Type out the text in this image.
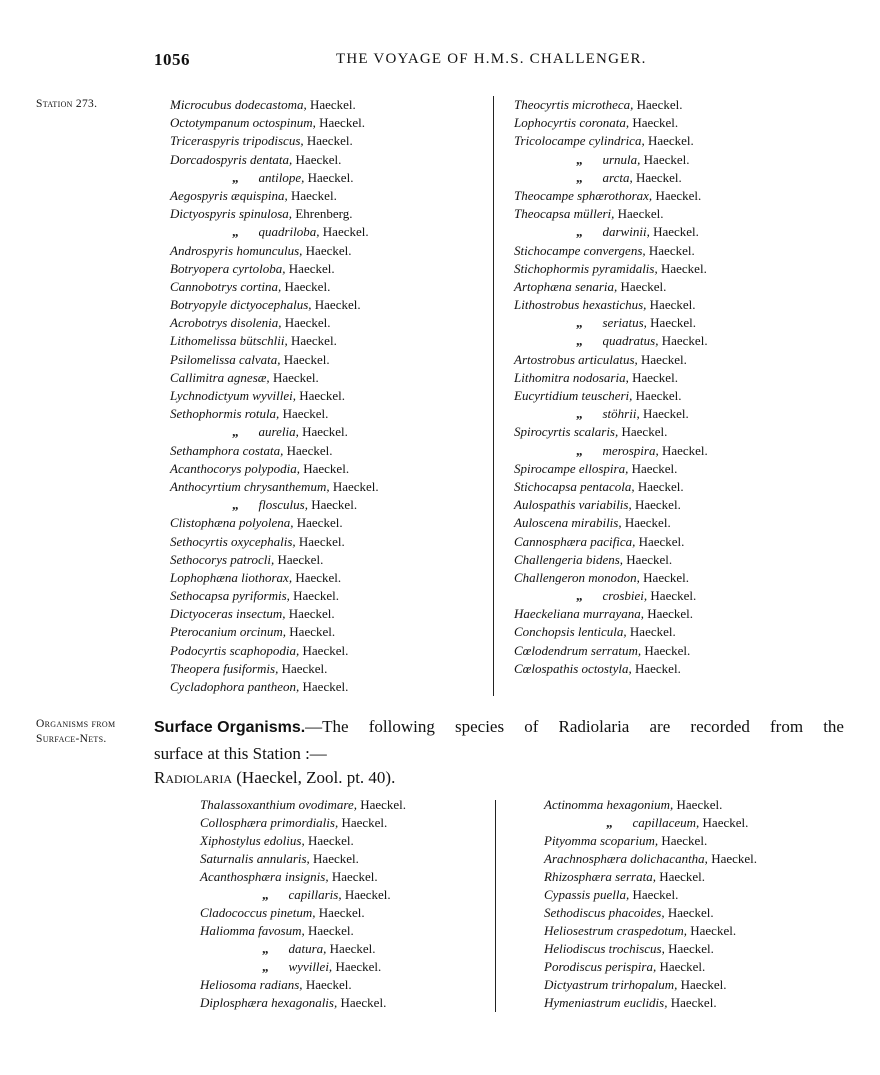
1056	THE VOYAGE OF H.M.S. CHALLENGER.
Station 273.	Microcubus dodecastoma, Haeckel.
Octotympanum octospinum, Haeckel.
Triceraspyris tripodiscus, Haeckel.
Dorcadospyris dentata, Haeckel.
„ antilope, Haeckel.
Aegospyris æquispina, Haeckel.
Dictyospyris spinulosa, Ehrenberg.
„ quadriloba, Haeckel.
Androspyris homunculus, Haeckel.
Botryopera cyrtoloba, Haeckel.
Cannobotrys cortina, Haeckel.
Botryopyle dictyocephalus, Haeckel.
Acrobotrys disolenia, Haeckel.
Lithomelissa bütschlii, Haeckel.
Psilomelissa calvata, Haeckel.
Callimitra agnesæ, Haeckel.
Lychnodictyum wyvillei, Haeckel.
Sethophormis rotula, Haeckel.
„ aurelia, Haeckel.
Sethamphora costata, Haeckel.
Acanthocorys polypodia, Haeckel.
Anthocyrtium chrysanthemum, Haeckel.
„ flosculus, Haeckel.
Clistophæna polyolena, Haeckel.
Sethocyrtis oxycephalis, Haeckel.
Sethocorys patrocli, Haeckel.
Lophophæna liothorax, Haeckel.
Sethocapsa pyriformis, Haeckel.
Dictyoceras insectum, Haeckel.
Pterocanium orcinum, Haeckel.
Podocyrtis scaphopodia, Haeckel.
Theopera fusiformis, Haeckel.
Cycladophora pantheon, Haeckel.
Theocyrtis microtheca, Haeckel.
Lophocyrtis coronata, Haeckel.
Tricolocampe cylindrica, Haeckel.
„ urnula, Haeckel.
„ arcta, Haeckel.
Theocampe sphærothorax, Haeckel.
Theocapsa mülleri, Haeckel.
„ darwinii, Haeckel.
Stichocampe convergens, Haeckel.
Stichophormis pyramidalis, Haeckel.
Artophæna senaria, Haeckel.
Lithostrobus hexastichus, Haeckel.
„ seriatus, Haeckel.
„ quadratus, Haeckel.
Artostrobus articulatus, Haeckel.
Lithomitra nodosaria, Haeckel.
Eucyrtidium teuscheri, Haeckel.
„ stöhrii, Haeckel.
Spirocyrtis scalaris, Haeckel.
„ merospira, Haeckel.
Spirocampe ellospira, Haeckel.
Stichocapsa pentacola, Haeckel.
Aulospathis variabilis, Haeckel.
Auloscena mirabilis, Haeckel.
Cannosphæra pacifica, Haeckel.
Challengeria bidens, Haeckel.
Challengeron monodon, Haeckel.
„ crosbiei, Haeckel.
Haeckeliana murrayana, Haeckel.
Conchopsis lenticula, Haeckel.
Cœlodendrum serratum, Haeckel.
Cœlospathis octostyla, Haeckel.
Organisms from
Surface-Nets.
Surface Organisms.—The following species of Radiolaria are recorded from the
surface at this Station :—
Radiolaria (Haeckel, Zool. pt. 40).
Thalassoxanthium ovodimare, Haeckel.
Collosphæra primordialis, Haeckel.
Xiphostylus edolius, Haeckel.
Saturnalis annularis, Haeckel.
Acanthosphæra insignis, Haeckel.
„ capillaris, Haeckel.
Cladococcus pinetum, Haeckel.
Haliomma favosum, Haeckel.
„ datura, Haeckel.
„ wyvillei, Haeckel.
Heliosoma radians, Haeckel.
Diplosphæra hexagonalis, Haeckel.
Actinomma hexagonium, Haeckel.
„ capillaceum, Haeckel.
Pityomma scoparium, Haeckel.
Arachnosphæra dolichacantha, Haeckel.
Rhizosphæra serrata, Haeckel.
Cypassis puella, Haeckel.
Sethodiscus phacoides, Haeckel.
Heliosestrum craspedotum, Haeckel.
Heliodiscus trochiscus, Haeckel.
Porodiscus perispira, Haeckel.
Dictyastrum trirhopalum, Haeckel.
Hymeniastrum euclidis, Haeckel.
